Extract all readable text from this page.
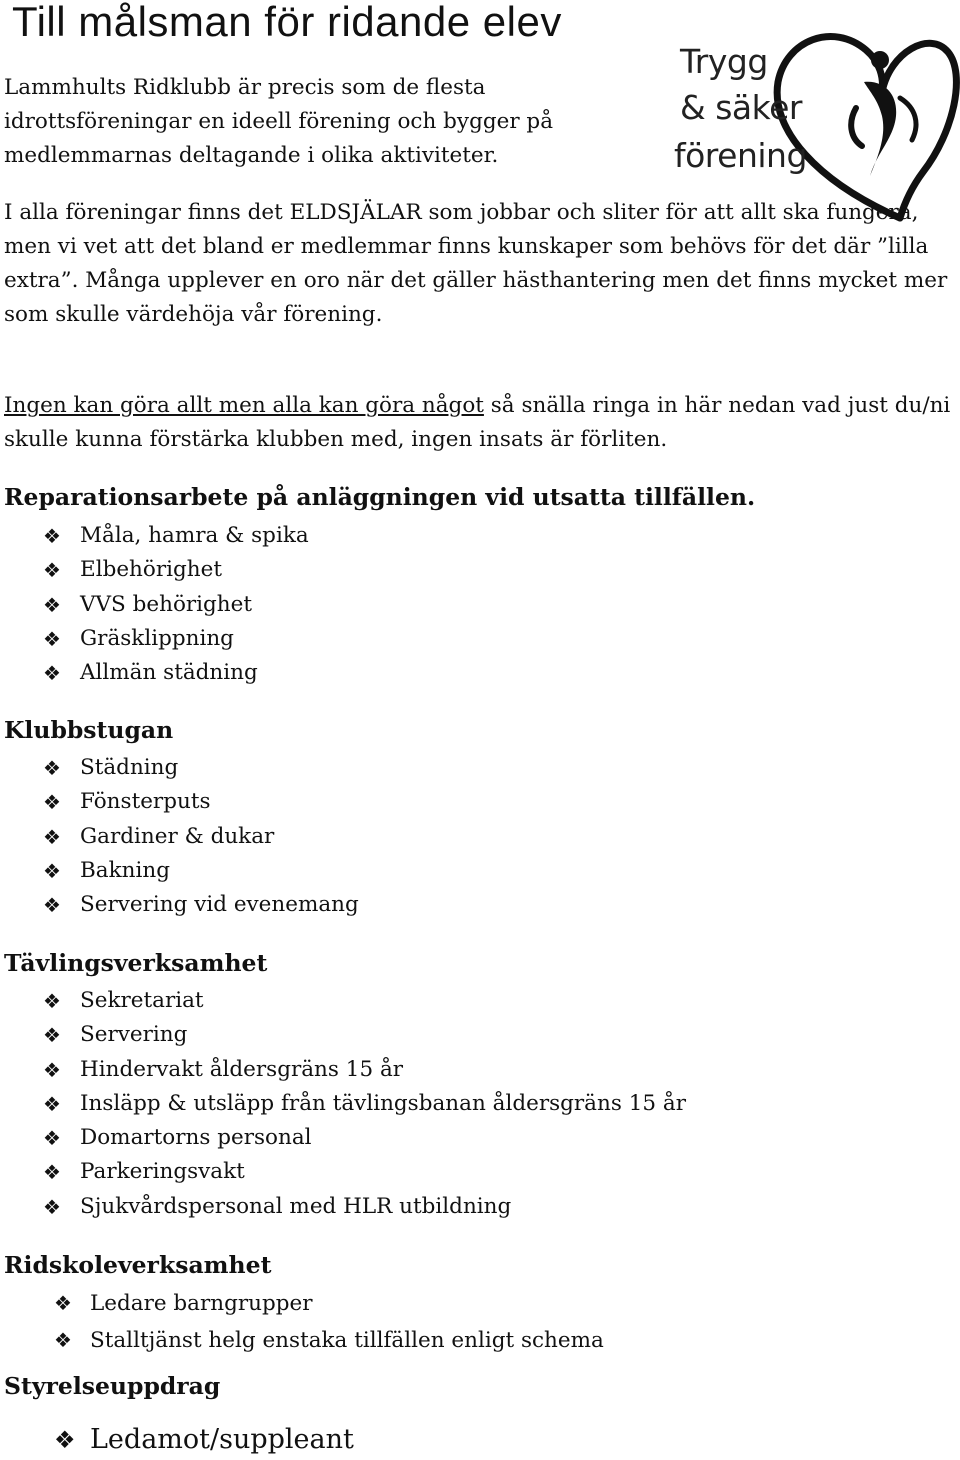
Till målsman för ridande elev
Trygg
& säker
förening

Lammhults Ridklubb är precis som de flesta idrottsföreningar en ideell förening och bygger på medlemmarnas deltagande i olika aktiviteter.

I alla föreningar finns det ELDSJÄLAR som jobbar och sliter för att allt ska fungera, men vi vet att det bland er medlemmar finns kunskaper som behövs för det där ”lilla extra”. Många upplever en oro när det gäller hästhantering men det finns mycket mer som skulle värdehöja vår förening.

Ingen kan göra allt men alla kan göra något så snälla ringa in här nedan vad just du/ni skulle kunna förstärka klubben med, ingen insats är förliten.

Reparationsarbete på anläggningen vid utsatta tillfällen.
❖ Måla, hamra & spika
❖ Elbehörighet
❖ VVS behörighet
❖ Gräsklippning
❖ Allmän städning
Klubbstugan
❖ Städning
❖ Fönsterputs
❖ Gardiner & dukar
❖ Bakning
❖ Servering vid evenemang
Tävlingsverksamhet
❖ Sekretariat
❖ Servering
❖ Hindervakt åldersgräns 15 år
❖ Insläpp & utsläpp från tävlingsbanan åldersgräns 15 år
❖ Domartorns personal
❖ Parkeringsvakt
❖ Sjukvårdspersonal med HLR utbildning
Ridskoleverksamhet
❖ Ledare barngrupper
❖ Stalltjänst helg enstaka tillfällen enligt schema
Styrelseuppdrag
❖ Ledamot/suppleant
